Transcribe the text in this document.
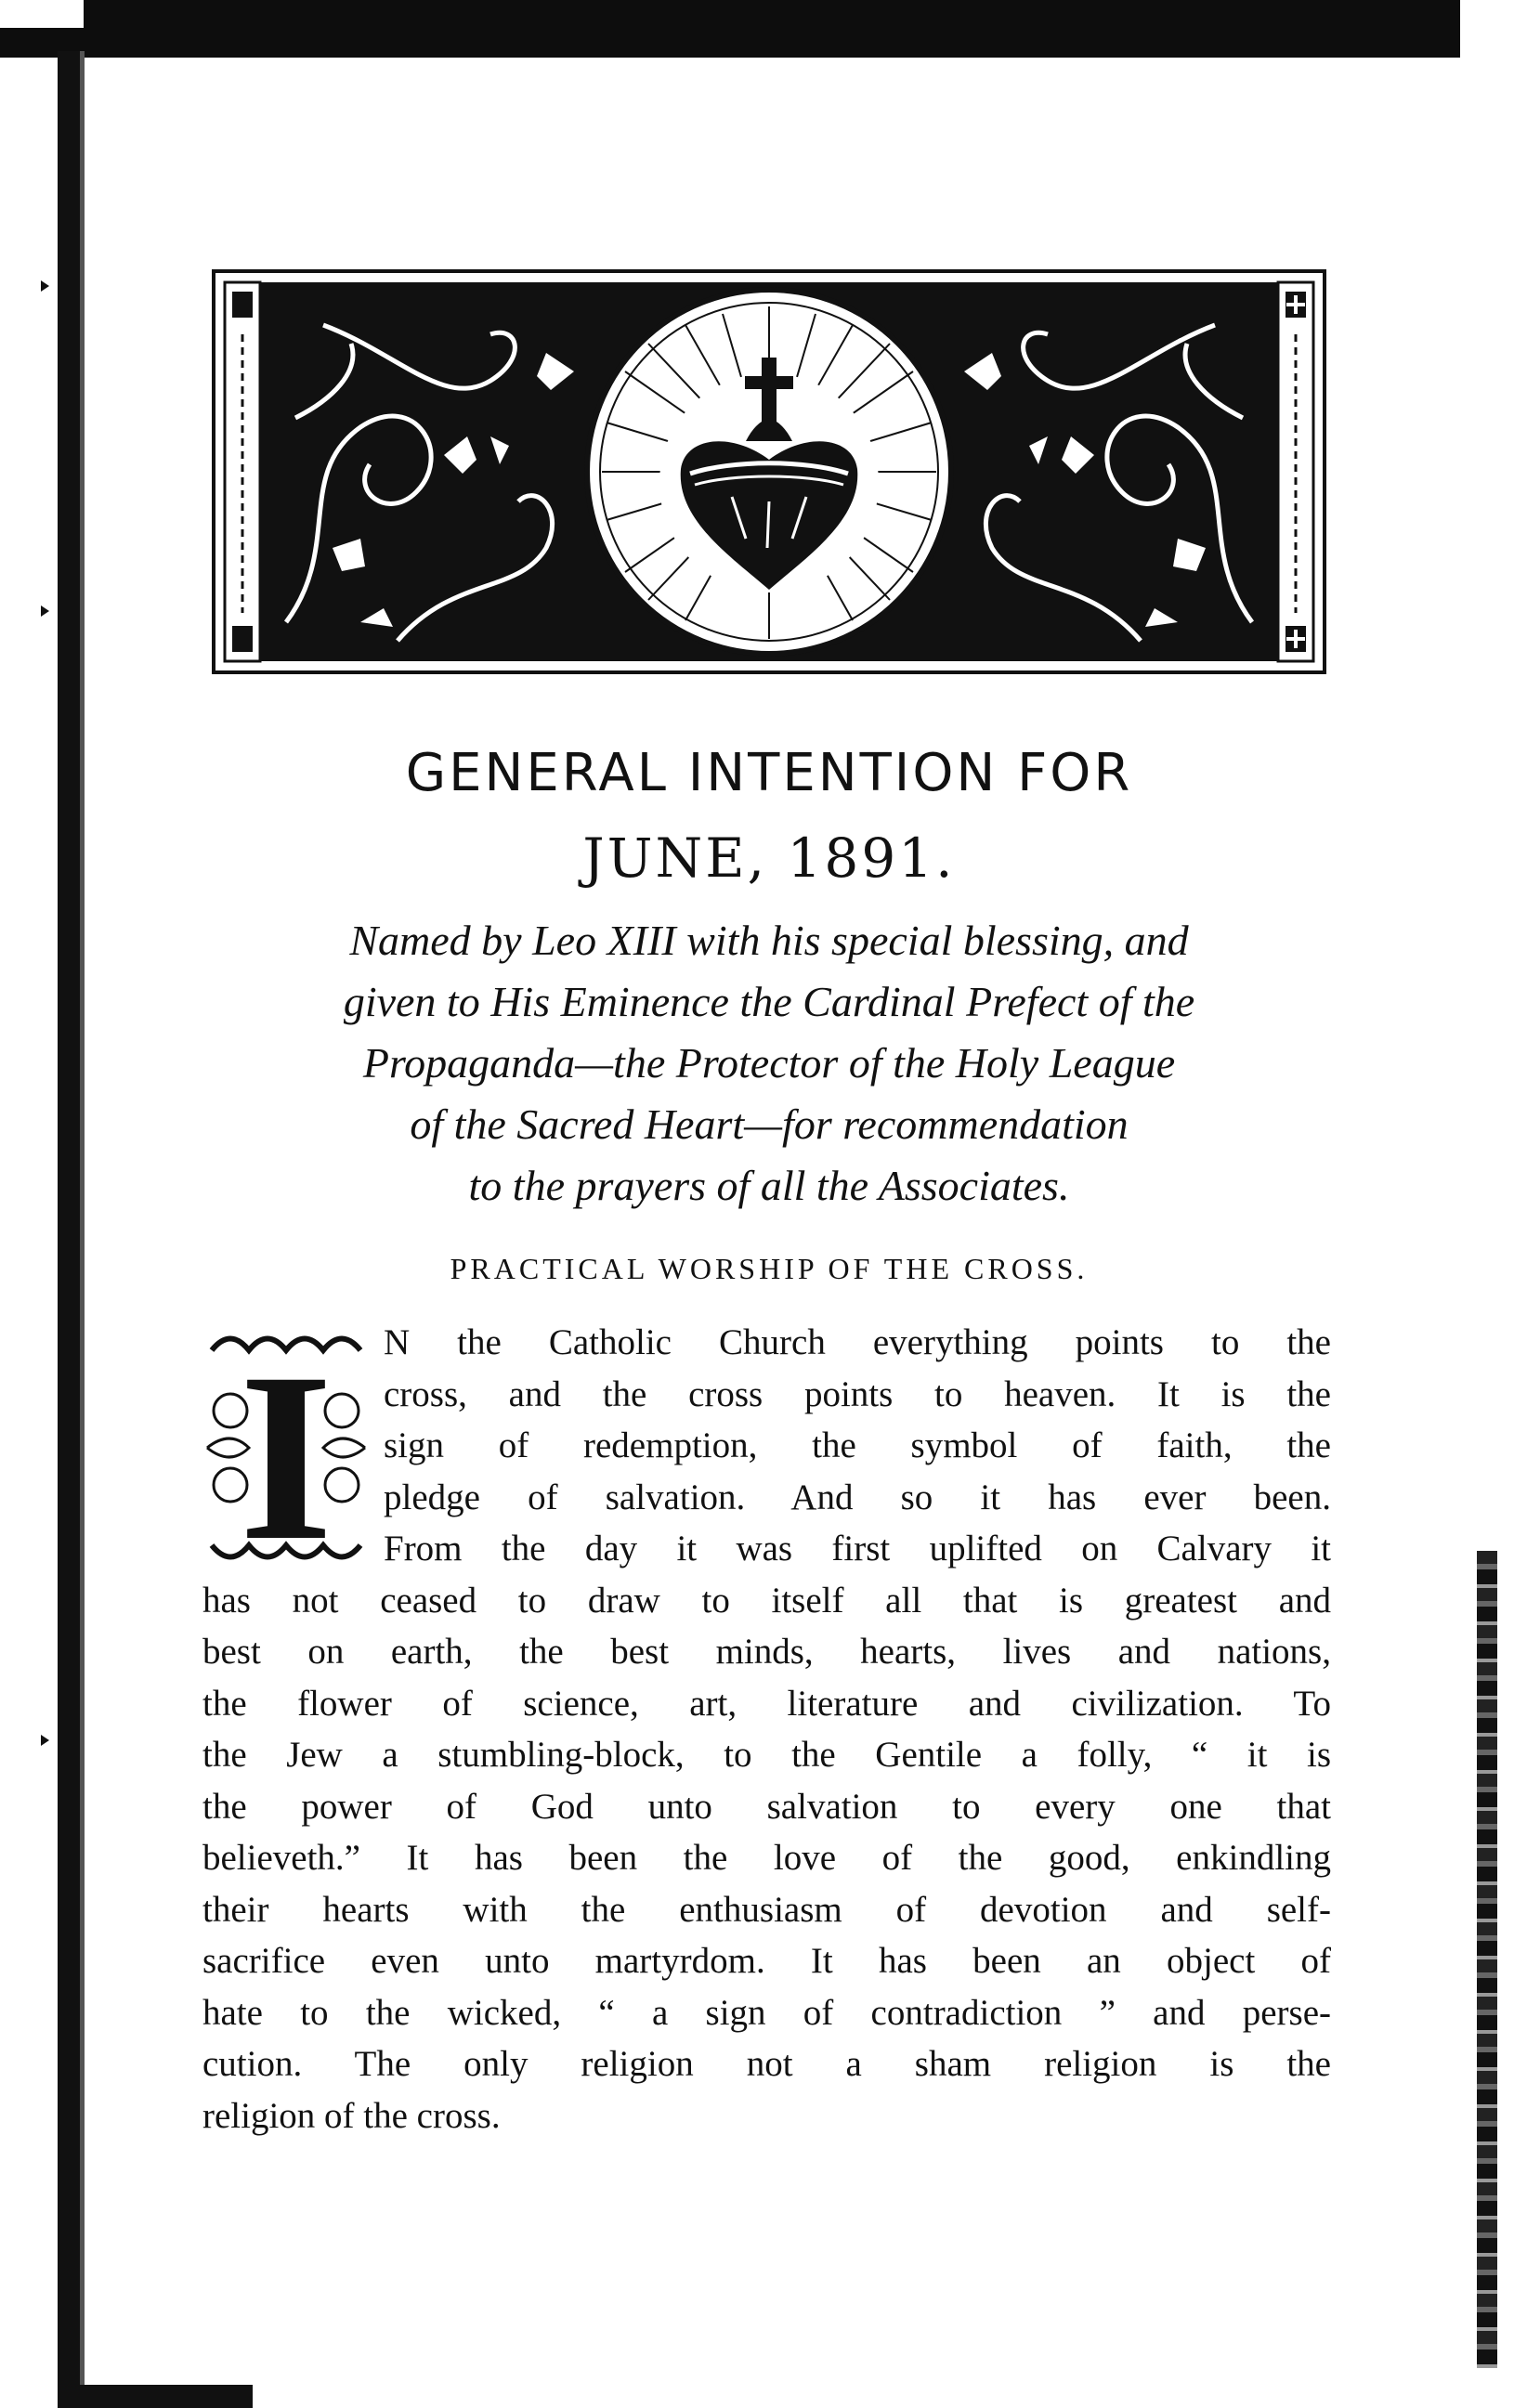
GENERAL INTENTION FOR
JUNE, 1891.
Named by Leo XIII with his special blessing, and
given to His Eminence the Cardinal Prefect of the
Propaganda—the Protector of the Holy League
of the Sacred Heart—for recommendation
to the prayers of all the Associates.
PRACTICAL WORSHIP OF THE CROSS.
I	N the Catholic Church everything points to the
cross, and the cross points to heaven. It is the
sign of redemption, the symbol of faith, the
pledge of salvation. And so it has ever been.
From the day it was first uplifted on Calvary it
has not ceased to draw to itself all that is greatest and
best on earth, the best minds, hearts, lives and nations,
the flower of science, art, literature and civilization. To
the Jew a stumbling-block, to the Gentile a folly, “ it is
the power of God unto salvation to every one that
believeth.” It has been the love of the good, enkindling
their hearts with the enthusiasm of devotion and self-
sacrifice even unto martyrdom. It has been an object of
hate to the wicked, “ a sign of contradiction ” and perse-
cution. The only religion not a sham religion is the
religion of the cross.
